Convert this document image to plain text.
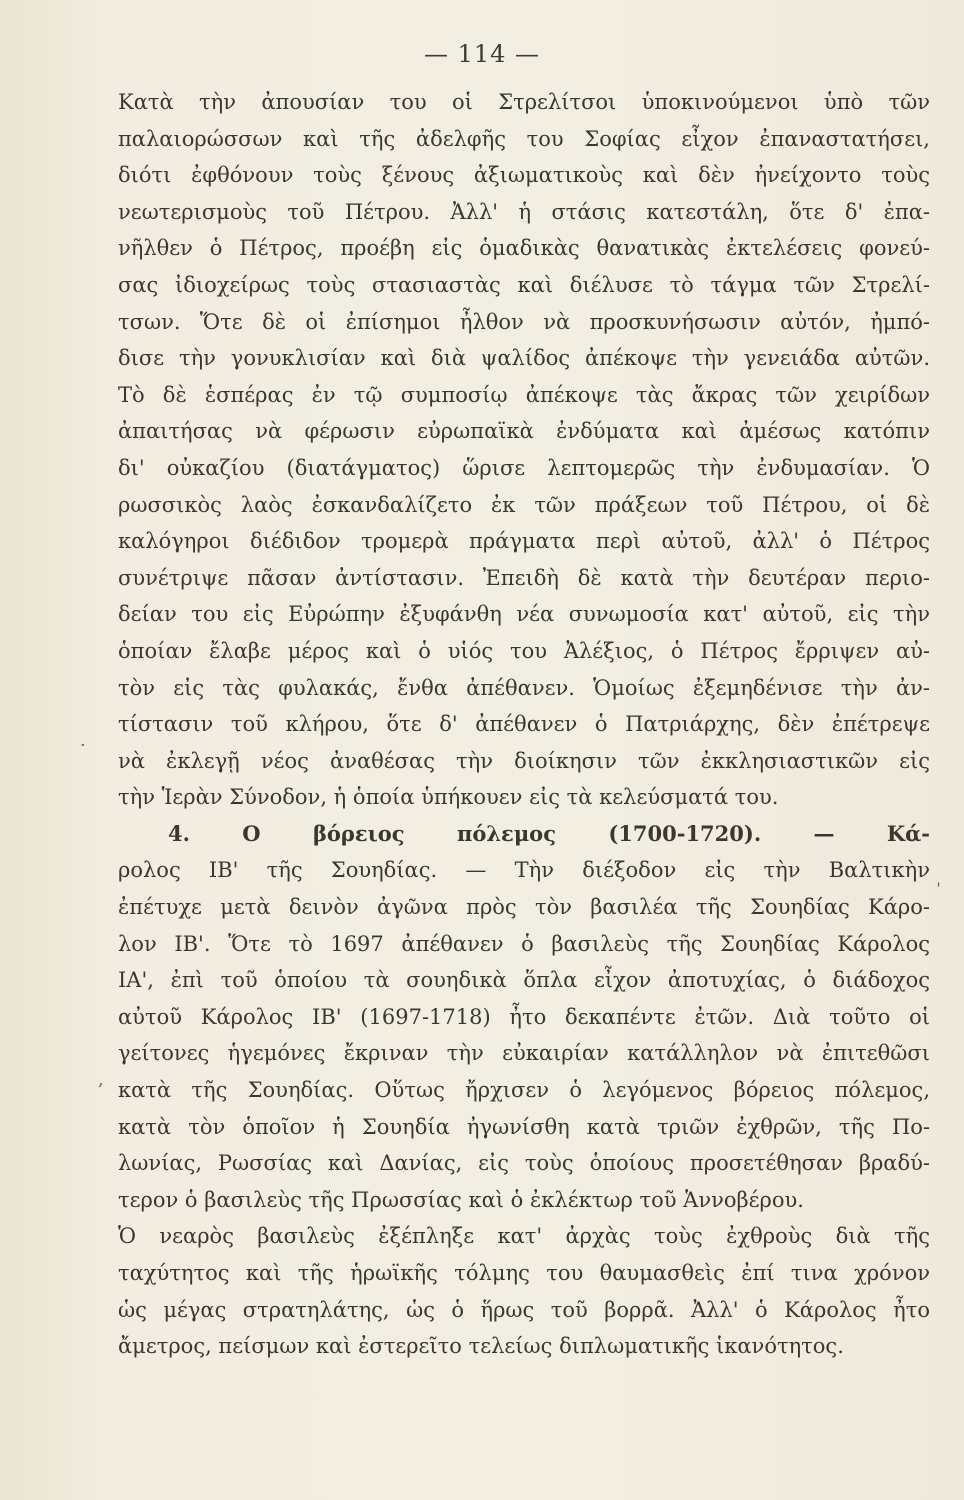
— 114 —
·
ˈ
,
Κατὰ τὴν ἀπουσίαν του οἱ Στρελίτσοι ὑποκινούμενοι ὑπὸ τῶν
παλαιορώσσων καὶ τῆς ἀδελφῆς του Σοφίας εἶχον ἐπαναστατήσει,
διότι ἐφθόνουν τοὺς ξένους ἀξιωματικοὺς καὶ δὲν ἠνείχοντο τοὺς
νεωτερισμοὺς τοῦ Πέτρου. Ἀλλ' ἡ στάσις κατεστάλη, ὅτε δ' ἐπα-
νῆλθεν ὁ Πέτρος, προέβη εἰς ὁμαδικὰς θανατικὰς ἐκτελέσεις φονεύ-
σας ἰδιοχείρως τοὺς στασιαστὰς καὶ διέλυσε τὸ τάγμα τῶν Στρελί-
τσων. Ὅτε δὲ οἱ ἐπίσημοι ἦλθον νὰ προσκυνήσωσιν αὐτόν, ἠμπό-
δισε τὴν γονυκλισίαν καὶ διὰ ψαλίδος ἀπέκοψε τὴν γενειάδα αὐτῶν.
Τὸ δὲ ἑσπέρας ἐν τῷ συμποσίῳ ἀπέκοψε τὰς ἄκρας τῶν χειρίδων
ἀπαιτήσας νὰ φέρωσιν εὐρωπαϊκὰ ἐνδύματα καὶ ἀμέσως κατόπιν
δι' οὐκαζίου (διατάγματος) ὥρισε λεπτομερῶς τὴν ἐνδυμασίαν. Ὁ
ρωσσικὸς λαὸς ἐσκανδαλίζετο ἐκ τῶν πράξεων τοῦ Πέτρου, οἱ δὲ
καλόγηροι διέδιδον τρομερὰ πράγματα περὶ αὐτοῦ, ἀλλ' ὁ Πέτρος
συνέτριψε πᾶσαν ἀντίστασιν. Ἐπειδὴ δὲ κατὰ τὴν δευτέραν περιο-
δείαν του εἰς Εὐρώπην ἐξυφάνθη νέα συνωμοσία κατ' αὐτοῦ, εἰς τὴν
ὁποίαν ἔλαβε μέρος καὶ ὁ υἱός του Ἀλέξιος, ὁ Πέτρος ἔρριψεν αὐ-
τὸν εἰς τὰς φυλακάς, ἔνθα ἀπέθανεν. Ὁμοίως ἐξεμηδένισε τὴν ἀν-
τίστασιν τοῦ κλήρου, ὅτε δ' ἀπέθανεν ὁ Πατριάρχης, δὲν ἐπέτρεψε
νὰ ἐκλεγῇ νέος ἀναθέσας τὴν διοίκησιν τῶν ἐκκλησιαστικῶν εἰς
τὴν Ἱερὰν Σύνοδον, ἡ ὁποία ὑπήκουεν εἰς τὰ κελεύσματά του.
4. Ο βόρειος πόλεμος (1700-1720). — Κά-
ρολος ΙΒ' τῆς Σουηδίας. — Τὴν διέξοδον εἰς τὴν Βαλτικὴν
ἐπέτυχε μετὰ δεινὸν ἀγῶνα πρὸς τὸν βασιλέα τῆς Σουηδίας Κάρο-
λον ΙΒ'. Ὅτε τὸ 1697 ἀπέθανεν ὁ βασιλεὺς τῆς Σουηδίας Κάρολος
ΙΑ', ἐπὶ τοῦ ὁποίου τὰ σουηδικὰ ὅπλα εἶχον ἀποτυχίας, ὁ διάδοχος
αὐτοῦ Κάρολος ΙΒ' (1697-1718) ἦτο δεκαπέντε ἐτῶν. Διὰ τοῦτο οἱ
γείτονες ἡγεμόνες ἔκριναν τὴν εὐκαιρίαν κατάλληλον νὰ ἐπιτεθῶσι
κατὰ τῆς Σουηδίας. Οὕτως ἤρχισεν ὁ λεγόμενος βόρειος πόλεμος,
κατὰ τὸν ὁποῖον ἡ Σουηδία ἠγωνίσθη κατὰ τριῶν ἐχθρῶν, τῆς Πο-
λωνίας, Ρωσσίας καὶ Δανίας, εἰς τοὺς ὁποίους προσετέθησαν βραδύ-
τερον ὁ βασιλεὺς τῆς Πρωσσίας καὶ ὁ ἐκλέκτωρ τοῦ Ἁννοβέρου.
Ὁ νεαρὸς βασιλεὺς ἐξέπληξε κατ' ἀρχὰς τοὺς ἐχθροὺς διὰ τῆς
ταχύτητος καὶ τῆς ἡρωϊκῆς τόλμης του θαυμασθεὶς ἐπί τινα χρόνον
ὡς μέγας στρατηλάτης, ὡς ὁ ἥρως τοῦ βορρᾶ. Ἀλλ' ὁ Κάρολος ἦτο
ἄμετρος, πείσμων καὶ ἐστερεῖτο τελείως διπλωματικῆς ἱκανότητος.
